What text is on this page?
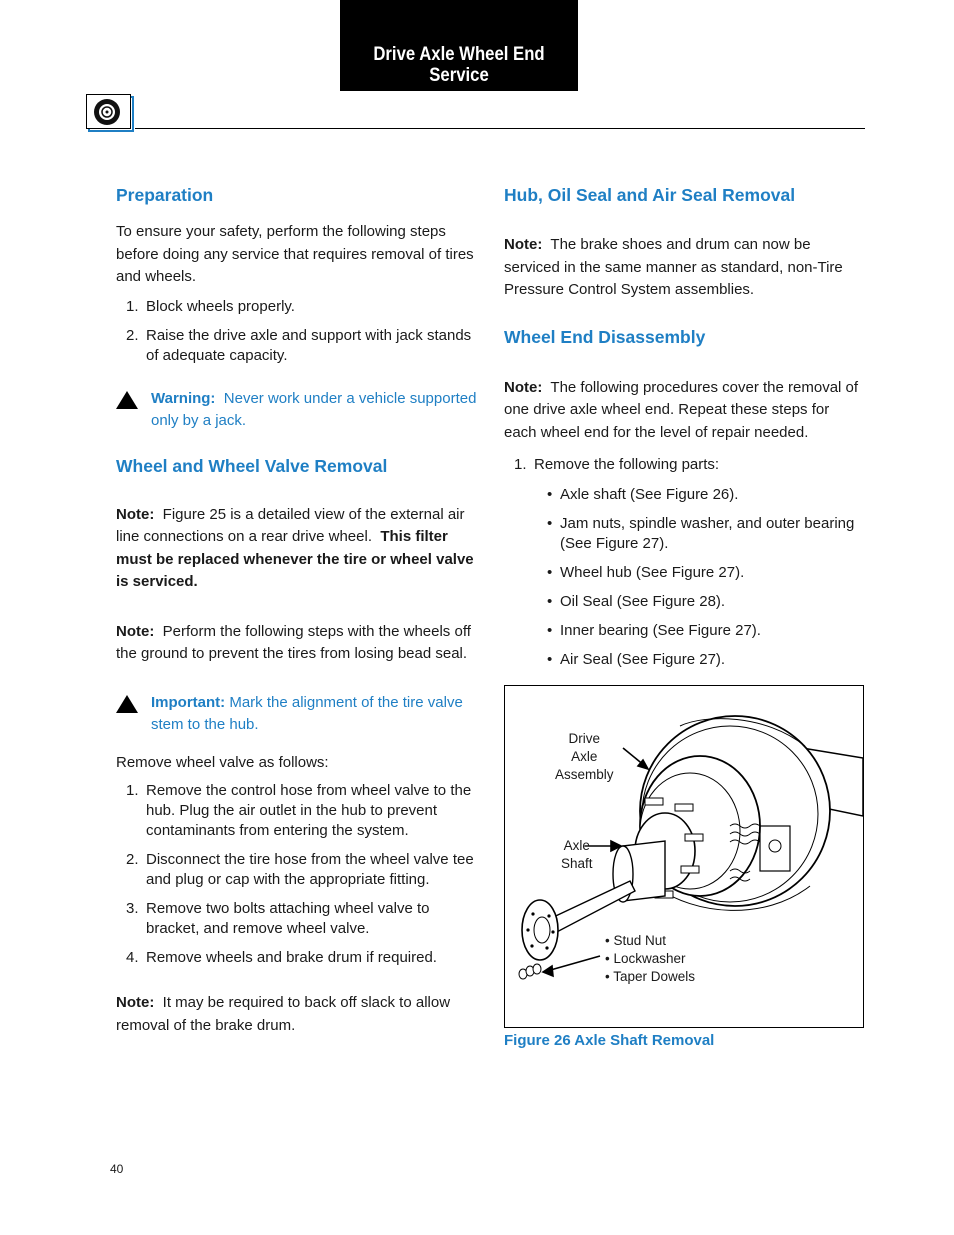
Drive Axle Wheel End
Service
Preparation

To ensure your safety, perform the following steps before doing any service that requires removal of tires and wheels.

1. Block wheels properly.
2. Raise the drive axle and support with jack stands of adequate capacity.
Warning: Never work under a vehicle supported only by a jack.
Wheel and Wheel Valve Removal

Note: Figure 25 is a detailed view of the external air line connections on a rear drive wheel. This filter must be replaced whenever the tire or wheel valve is serviced.

Note: Perform the following steps with the wheels off the ground to prevent the tires from losing bead seal.

Important: Mark the alignment of the tire valve stem to the hub.

Remove wheel valve as follows:

1. Remove the control hose from wheel valve to the hub. Plug the air outlet in the hub to prevent contaminants from entering the system.
2. Disconnect the tire hose from the wheel valve tee and plug or cap with the appropriate fitting.
3. Remove two bolts attaching wheel valve to bracket, and remove wheel valve.
4. Remove wheels and brake drum if required.

Note: It may be required to back off slack to allow removal of the brake drum.

Hub, Oil Seal and Air Seal Removal

Note: The brake shoes and drum can now be serviced in the same manner as standard, non-Tire Pressure Control System assemblies.

Wheel End Disassembly

Note: The following procedures cover the removal of one drive axle wheel end. Repeat these steps for each wheel end for the level of repair needed.

1. Remove the following parts:
• Axle shaft (See Figure 26).
• Jam nuts, spindle washer, and outer bearing (See Figure 27).
• Wheel hub (See Figure 27).
• Oil Seal (See Figure 28).
• Inner bearing (See Figure 27).
• Air Seal (See Figure 27).
Drive
Axle
Assembly
Axle
Shaft
• Stud Nut
• Lockwasher
• Taper Dowels
Figure 26 Axle Shaft Removal
40
